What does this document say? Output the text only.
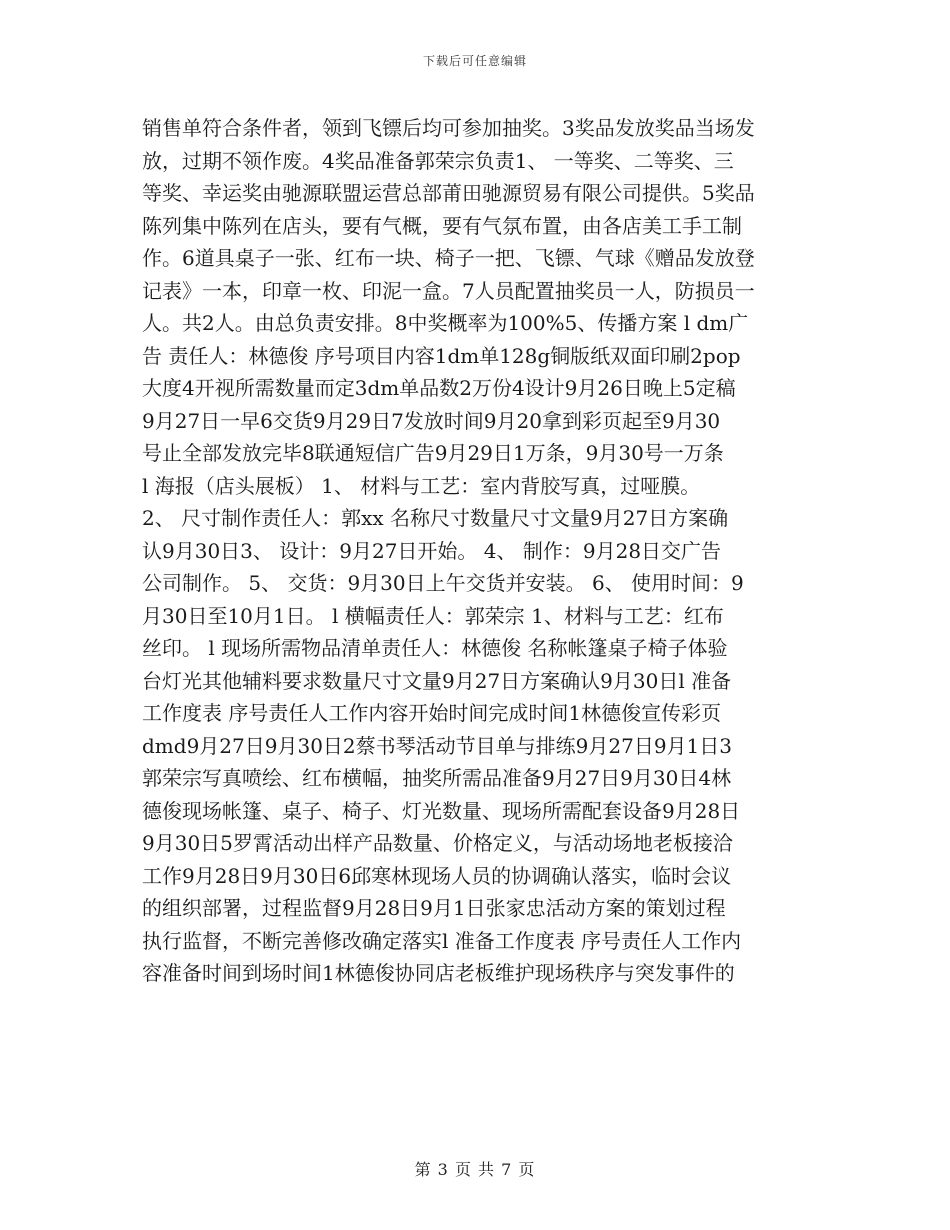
下载后可任意编辑
销售单符合条件者，领到飞镖后均可参加抽奖。3奖品发放奖品当场发
放，过期不领作废。4奖品准备郭荣宗负责1、 一等奖、二等奖、三
等奖、幸运奖由驰源联盟运营总部莆田驰源贸易有限公司提供。5奖品
陈列集中陈列在店头，要有气概，要有气氛布置，由各店美工手工制
作。6道具桌子一张、红布一块、椅子一把、飞镖、气球《赠品发放登
记表》一本，印章一枚、印泥一盒。7人员配置抽奖员一人，防损员一
人。共2人。由总负责安排。8中奖概率为100%5、传播方案 l dm广
告 责任人：林德俊 序号项目内容1dm单128g铜版纸双面印刷2pop
大度4开视所需数量而定3dm单品数2万份4设计9月26日晚上5定稿
9月27日一早6交货9月29日7发放时间9月20拿到彩页起至9月30
号止全部发放完毕8联通短信广告9月29日1万条，9月30号一万条
l 海报（店头展板） 1、 材料与工艺：室内背胶写真，过哑膜。
2、 尺寸制作责任人：郭xx 名称尺寸数量尺寸文量9月27日方案确
认9月30日3、 设计：9月27日开始。 4、 制作：9月28日交广告
公司制作。 5、 交货：9月30日上午交货并安装。 6、 使用时间：9
月30日至10月1日。 l 横幅责任人：郭荣宗 1、材料与工艺：红布
丝印。 l 现场所需物品清单责任人：林德俊 名称帐篷桌子椅子体验
台灯光其他辅料要求数量尺寸文量9月27日方案确认9月30日l 准备
工作度表 序号责任人工作内容开始时间完成时间1林德俊宣传彩页
dmd9月27日9月30日2蔡书琴活动节目单与排练9月27日9月1日3
郭荣宗写真喷绘、红布横幅，抽奖所需品准备9月27日9月30日4林
德俊现场帐篷、桌子、椅子、灯光数量、现场所需配套设备9月28日
9月30日5罗霄活动出样产品数量、价格定义，与活动场地老板接洽
工作9月28日9月30日6邱寒林现场人员的协调确认落实，临时会议
的组织部署，过程监督9月28日9月1日张家忠活动方案的策划过程
执行监督，不断完善修改确定落实l 准备工作度表 序号责任人工作内
容准备时间到场时间1林德俊协同店老板维护现场秩序与突发事件的
第 3 页 共 7 页
